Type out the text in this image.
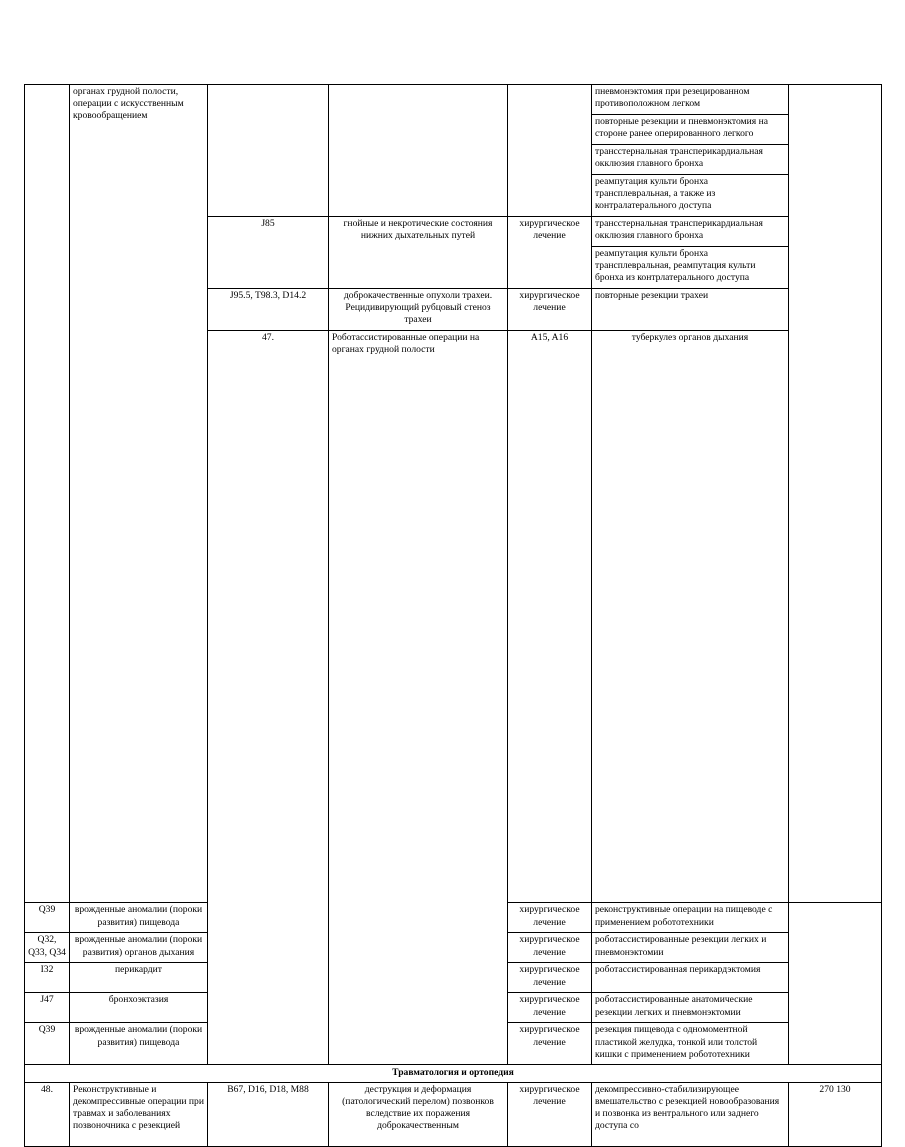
	органах грудной полости, операции с искусственным кровообращением				пневмонэктомия при резецированном противоположном легком		
					повторные резекции и пневмонэктомия на стороне ранее оперированного легкого		
					трансстернальная трансперикардиальная окклюзия главного бронха		
					реампутация культи бронха трансплевральная, а также из контралатерального доступа		
		J85	гнойные и некротические состояния нижних дыхательных путей	хирургическое лечение	трансстернальная трансперикардиальная окклюзия главного бронха		
					реампутация культи бронха трансплевральная, реампутация культи бронха из контрлатерального доступа		
		J95.5, T98.3, D14.2	доброкачественные опухоли трахеи. Рецидивирующий рубцовый стеноз трахеи	хирургическое лечение	повторные резекции трахеи		
		47.	Роботассистированные операции на органах грудной полости	A15, A16	туберкулез органов дыхания			
Q39	врожденные аномалии (пороки развития) пищевода			хирургическое лечение	реконструктивные операции на пищеводе с применением робототехники		
Q32, Q33, Q34	врожденные аномалии (пороки развития) органов дыхания			хирургическое лечение	роботассистированные резекции легких и пневмонэктомии		
I32	перикардит			хирургическое лечение	роботассистированная перикардэктомия		
J47	бронхоэктазия			хирургическое лечение	роботассистированные анатомические резекции легких и пневмонэктомии		
Q39	врожденные аномалии (пороки развития) пищевода			хирургическое лечение	резекция пищевода с одномоментной пластикой желудка, тонкой или толстой кишки с применением робототехники		
Травматология и ортопедия							
48.	Реконструктивные и декомпрессивные операции при травмах и заболеваниях позвоночника с резекцией	B67, D16, D18, M88	деструкция и деформация (патологический перелом) позвонков вследствие их поражения доброкачественным	хирургическое лечение	декомпрессивно-стабилизирующее вмешательство с резекцией новообразования и позвонка из вентрального или заднего доступа со	270 130	
